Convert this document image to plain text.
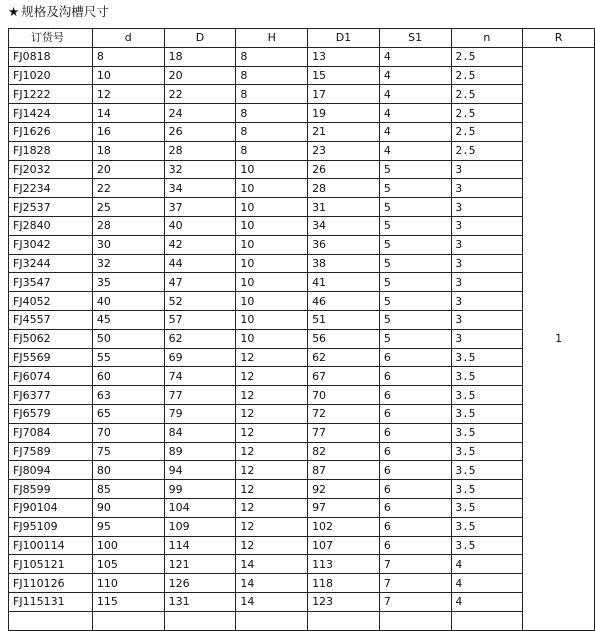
★ 规格及沟槽尺寸
订货号	d	D	H	D1	S1	n	R
FJ0818	8	18	8	13	4	2.5	1
FJ1020	10	20	8	15	4	2.5	
FJ1222	12	22	8	17	4	2.5	
FJ1424	14	24	8	19	4	2.5	
FJ1626	16	26	8	21	4	2.5	
FJ1828	18	28	8	23	4	2.5	
FJ2032	20	32	10	26	5	3	
FJ2234	22	34	10	28	5	3	
FJ2537	25	37	10	31	5	3	
FJ2840	28	40	10	34	5	3	
FJ3042	30	42	10	36	5	3	
FJ3244	32	44	10	38	5	3	
FJ3547	35	47	10	41	5	3	
FJ4052	40	52	10	46	5	3	
FJ4557	45	57	10	51	5	3	
FJ5062	50	62	10	56	5	3	
FJ5569	55	69	12	62	6	3.5	
FJ6074	60	74	12	67	6	3.5	
FJ6377	63	77	12	70	6	3.5	
FJ6579	65	79	12	72	6	3.5	
FJ7084	70	84	12	77	6	3.5	
FJ7589	75	89	12	82	6	3.5	
FJ8094	80	94	12	87	6	3.5	
FJ8599	85	99	12	92	6	3.5	
FJ90104	90	104	12	97	6	3.5	
FJ95109	95	109	12	102	6	3.5	
FJ100114	100	114	12	107	6	3.5	
FJ105121	105	121	14	113	7	4	
FJ110126	110	126	14	118	7	4	
FJ115131	115	131	14	123	7	4	
